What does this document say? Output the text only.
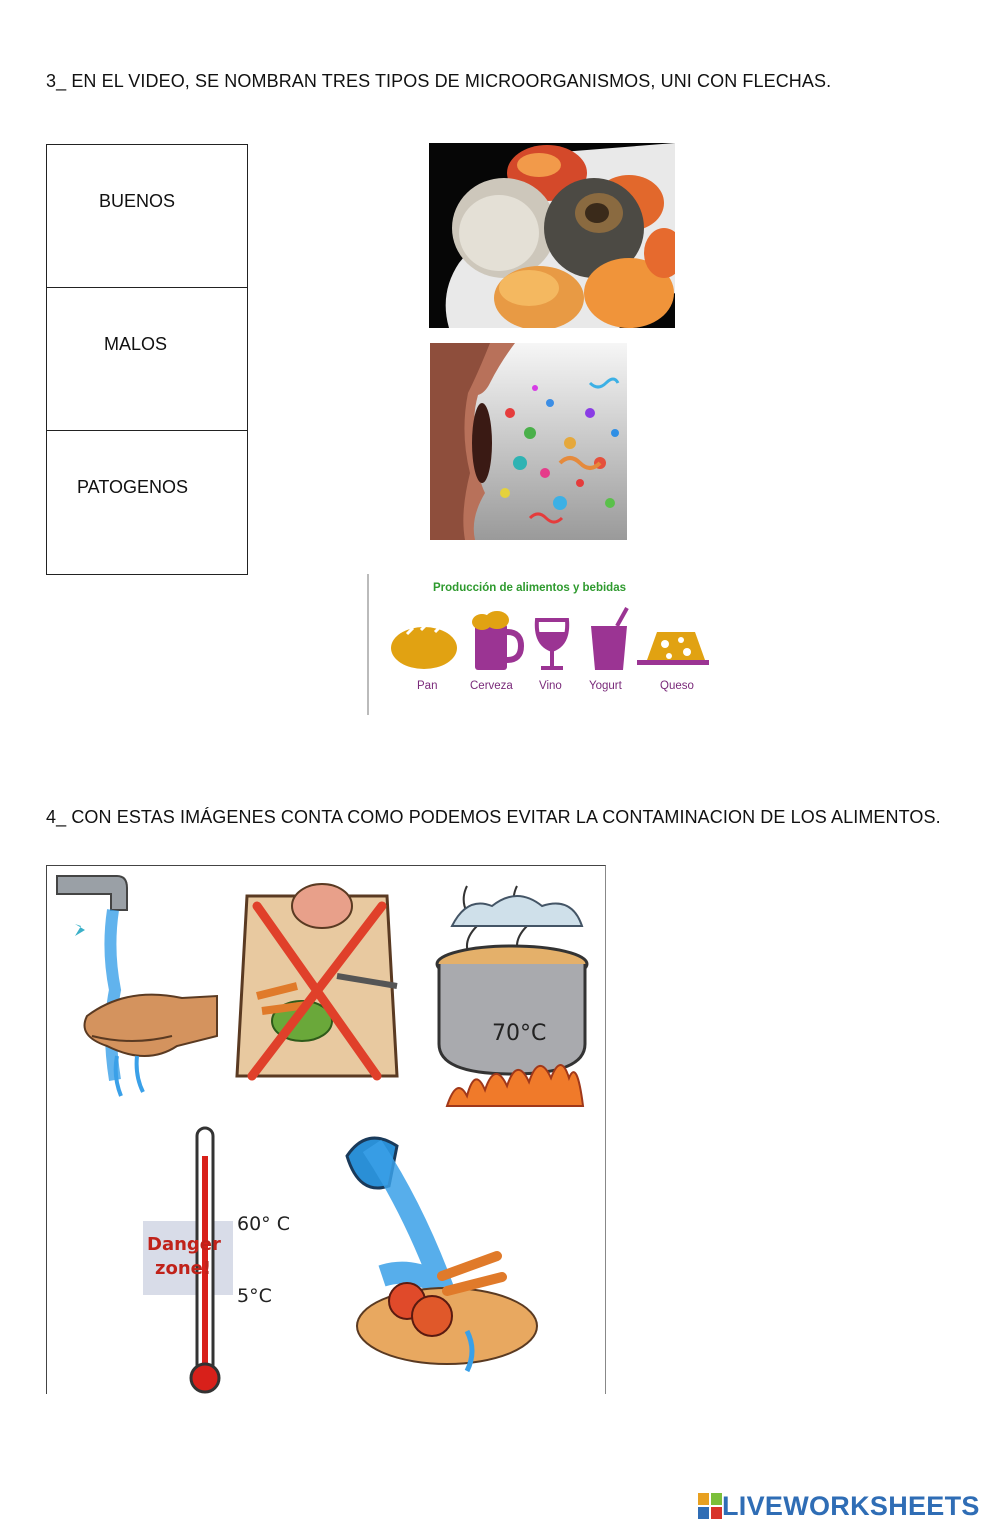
3_ EN EL VIDEO, SE NOMBRAN TRES TIPOS DE MICROORGANISMOS, UNI CON FLECHAS.
BUENOS
MALOS
PATOGENOS
Producción de alimentos y bebidas
Pan	Cerveza Vino Yogurt	Queso
4_ CON ESTAS IMÁGENES CONTA COMO PODEMOS EVITAR LA CONTAMINACION DE LOS ALIMENTOS.
70°C
Danger
zone!
60° C
5°C
LIVEWORKSHEETS
